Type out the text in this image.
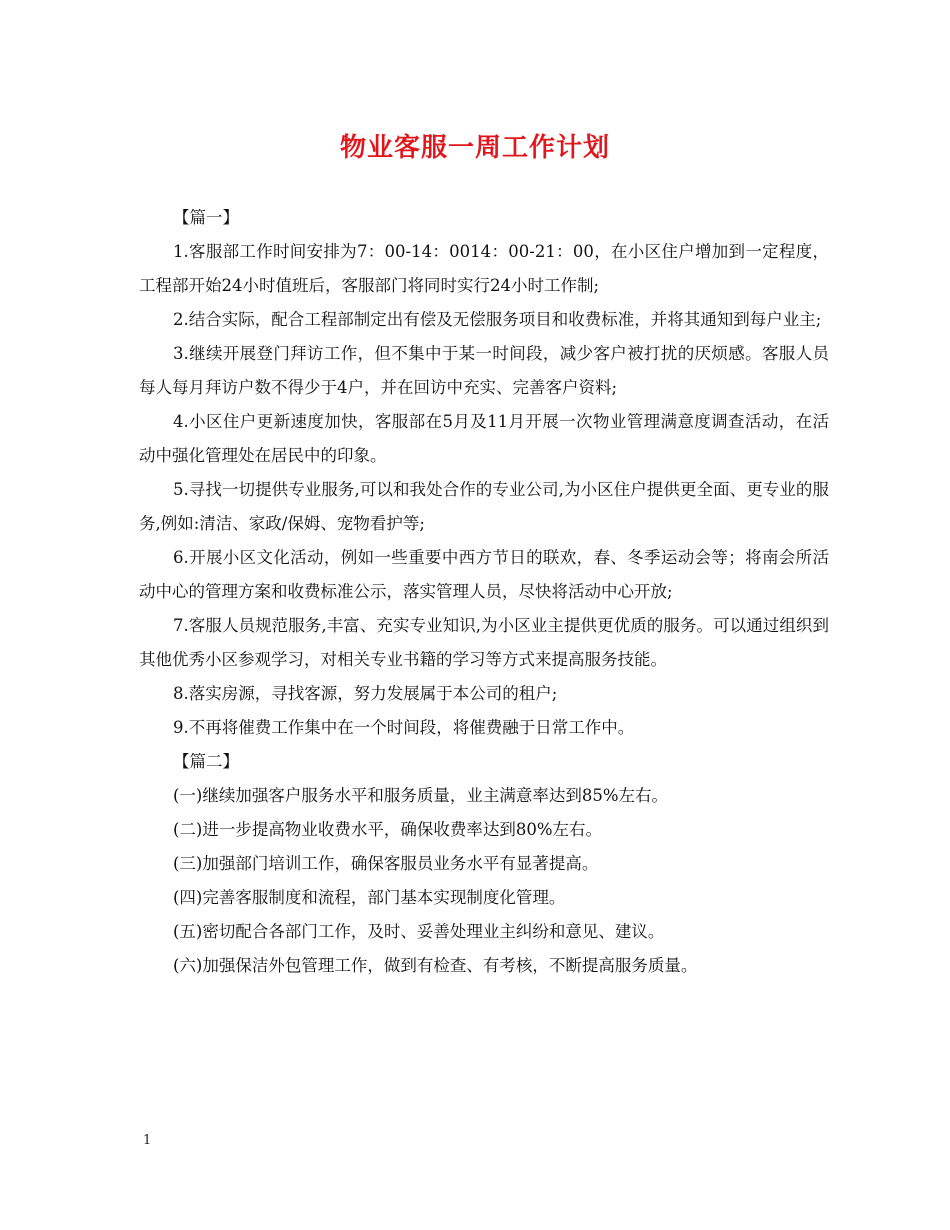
物业客服一周工作计划

【篇一】

1.客服部工作时间安排为7：00-14：0014：00-21：00，在小区住户增加到一定程度，工程部开始24小时值班后，客服部门将同时实行24小时工作制;

2.结合实际，配合工程部制定出有偿及无偿服务项目和收费标准，并将其通知到每户业主;

3.继续开展登门拜访工作，但不集中于某一时间段，减少客户被打扰的厌烦感。客服人员每人每月拜访户数不得少于4户，并在回访中充实、完善客户资料;

4.小区住户更新速度加快，客服部在5月及11月开展一次物业管理满意度调查活动，在活动中强化管理处在居民中的印象。

5.寻找一切提供专业服务,可以和我处合作的专业公司,为小区住户提供更全面、更专业的服务,例如:清洁、家政/保姆、宠物看护等;

6.开展小区文化活动，例如一些重要中西方节日的联欢，春、冬季运动会等；将南会所活动中心的管理方案和收费标准公示，落实管理人员，尽快将活动中心开放;

7.客服人员规范服务,丰富、充实专业知识,为小区业主提供更优质的服务。可以通过组织到其他优秀小区参观学习，对相关专业书籍的学习等方式来提高服务技能。

8.落实房源，寻找客源，努力发展属于本公司的租户;

9.不再将催费工作集中在一个时间段，将催费融于日常工作中。

【篇二】

(一)继续加强客户服务水平和服务质量，业主满意率达到85%左右。

(二)进一步提高物业收费水平，确保收费率达到80%左右。

(三)加强部门培训工作，确保客服员业务水平有显著提高。

(四)完善客服制度和流程，部门基本实现制度化管理。

(五)密切配合各部门工作，及时、妥善处理业主纠纷和意见、建议。

(六)加强保洁外包管理工作，做到有检查、有考核，不断提高服务质量。

1
